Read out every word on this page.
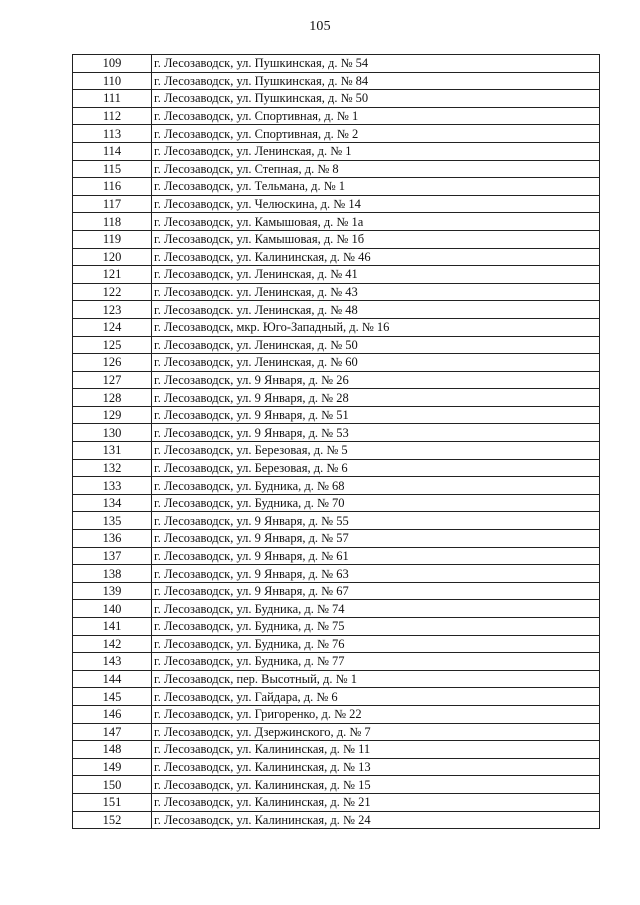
105
109	г. Лесозаводск, ул. Пушкинская, д. № 54
110	г. Лесозаводск, ул. Пушкинская, д. № 84
111	г. Лесозаводск, ул. Пушкинская, д. № 50
112	г. Лесозаводск, ул. Спортивная, д. № 1
113	г. Лесозаводск, ул. Спортивная, д. № 2
114	г. Лесозаводск, ул. Ленинская, д. № 1
115	г. Лесозаводск, ул. Степная, д. № 8
116	г. Лесозаводск, ул. Тельмана, д. № 1
117	г. Лесозаводск, ул. Челюскина, д. № 14
118	г. Лесозаводск, ул. Камышовая, д. № 1а
119	г. Лесозаводск, ул. Камышовая, д. № 1б
120	г. Лесозаводск, ул. Калининская, д. № 46
121	г. Лесозаводск, ул. Ленинская, д. № 41
122	г. Лесозаводск. ул. Ленинская, д. № 43
123	г. Лесозаводск. ул. Ленинская, д. № 48
124	г. Лесозаводск, мкр. Юго-Западный, д. № 16
125	г. Лесозаводск, ул. Ленинская, д. № 50
126	г. Лесозаводск, ул. Ленинская, д. № 60
127	г. Лесозаводск, ул. 9 Января, д. № 26
128	г. Лесозаводск, ул. 9 Января, д. № 28
129	г. Лесозаводск, ул. 9 Января, д. № 51
130	г. Лесозаводск, ул. 9 Января, д. № 53
131	г. Лесозаводск, ул. Березовая, д. № 5
132	г. Лесозаводск, ул. Березовая, д. № 6
133	г. Лесозаводск, ул. Будника, д. № 68
134	г. Лесозаводск, ул. Будника, д. № 70
135	г. Лесозаводск, ул. 9 Января, д. № 55
136	г. Лесозаводск, ул. 9 Января, д. № 57
137	г. Лесозаводск, ул. 9 Января, д. № 61
138	г. Лесозаводск, ул. 9 Января, д. № 63
139	г. Лесозаводск, ул. 9 Января, д. № 67
140	г. Лесозаводск, ул. Будника, д. № 74
141	г. Лесозаводск, ул. Будника, д. № 75
142	г. Лесозаводск, ул. Будника, д. № 76
143	г. Лесозаводск, ул. Будника, д. № 77
144	г. Лесозаводск, пер. Высотный, д. № 1
145	г. Лесозаводск, ул. Гайдара, д. № 6
146	г. Лесозаводск, ул. Григоренко, д. № 22
147	г. Лесозаводск, ул. Дзержинского, д. № 7
148	г. Лесозаводск, ул. Калининская, д. № 11
149	г. Лесозаводск, ул. Калининская, д. № 13
150	г. Лесозаводск, ул. Калининская, д. № 15
151	г. Лесозаводск, ул. Калининская, д. № 21
152	г. Лесозаводск, ул. Калининская, д. № 24
